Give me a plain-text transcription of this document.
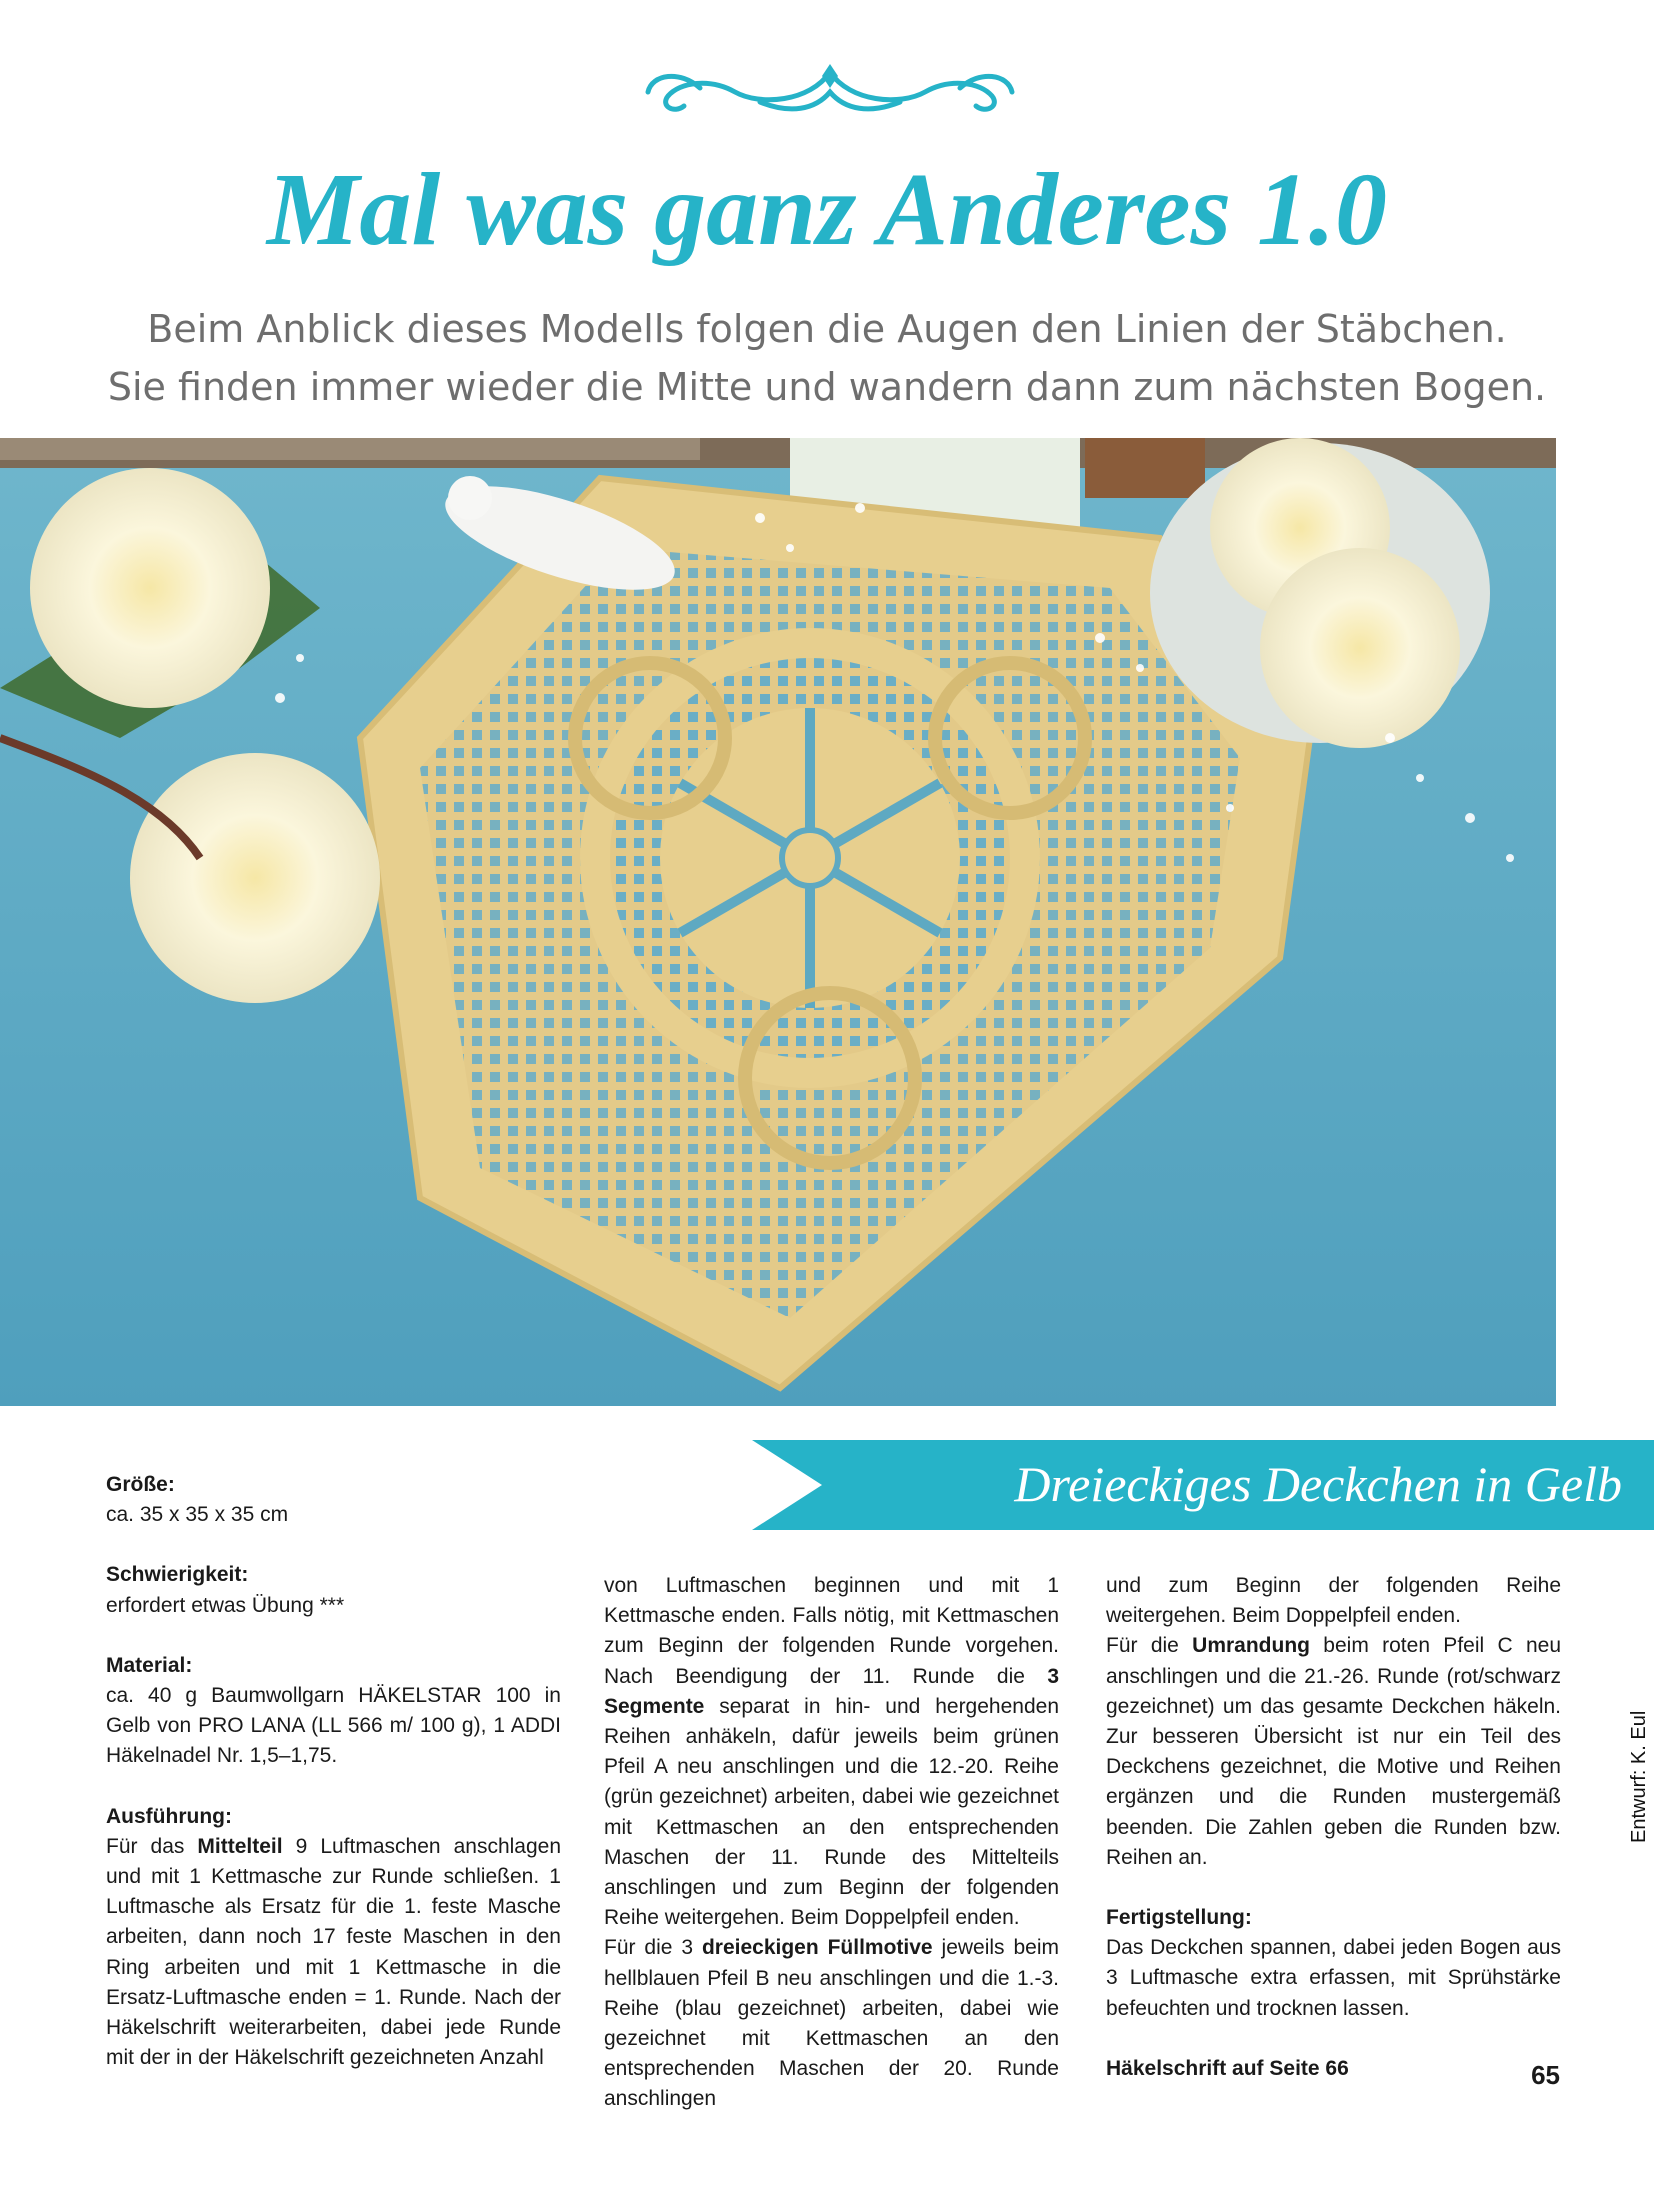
Mal was ganz Anderes 1.0

Beim Anblick dieses Modells folgen die Augen den Linien der Stäbchen.

Sie finden immer wieder die Mitte und wandern dann zum nächsten Bogen.

Entwurf: K. Eul
Dreieckiges Deckchen in Gelb
Größe:

ca. 35 x 35 x 35 cm

Schwierigkeit:

erfordert etwas Übung ***

Material:

ca. 40 g Baumwollgarn HÄKELSTAR 100 in Gelb von PRO LANA (LL 566 m/ 100 g), 1 ADDI Häkelnadel Nr. 1,5–1,75.

Ausführung:

Für das Mittelteil 9 Luftmaschen anschlagen und mit 1 Kettmasche zur Runde schließen. 1 Luftmasche als Ersatz für die 1. feste Masche arbeiten, dann noch 17 feste Maschen in den Ring arbeiten und mit 1 Kettmasche in die Ersatz-Luftmasche enden = 1. Runde. Nach der Häkelschrift weiterarbeiten, dabei jede Runde mit der in der Häkelschrift gezeichneten Anzahl

von Luftmaschen beginnen und mit 1 Kettmasche enden. Falls nötig, mit Kettmaschen zum Beginn der folgenden Runde vorgehen. Nach Beendigung der 11. Runde die 3 Segmente separat in hin- und hergehenden Reihen anhäkeln, dafür jeweils beim grünen Pfeil A neu anschlingen und die 12.-20. Reihe (grün gezeichnet) arbeiten, dabei wie gezeichnet mit Kettmaschen an den entsprechenden Maschen der 11. Runde des Mittelteils anschlingen und zum Beginn der folgenden Reihe weitergehen. Beim Doppelpfeil enden.

Für die 3 dreieckigen Füllmotive jeweils beim hellblauen Pfeil B neu anschlingen und die 1.-3. Reihe (blau gezeichnet) arbeiten, dabei wie gezeichnet mit Kettmaschen an den entsprechenden Maschen der 20. Runde anschlingen

und zum Beginn der folgenden Reihe weitergehen. Beim Doppelpfeil enden.

Für die Umrandung beim roten Pfeil C neu anschlingen und die 21.-26. Runde (rot/schwarz gezeichnet) um das gesamte Deckchen häkeln. Zur besseren Übersicht ist nur ein Teil des Deckchens gezeichnet, die Motive und Reihen ergänzen und die Runden mustergemäß beenden. Die Zahlen geben die Runden bzw. Reihen an.

Fertigstellung:

Das Deckchen spannen, dabei jeden Bogen aus 3 Luftmasche extra erfassen, mit Sprühstärke befeuchten und trocknen lassen.

Häkelschrift auf Seite 66	65
